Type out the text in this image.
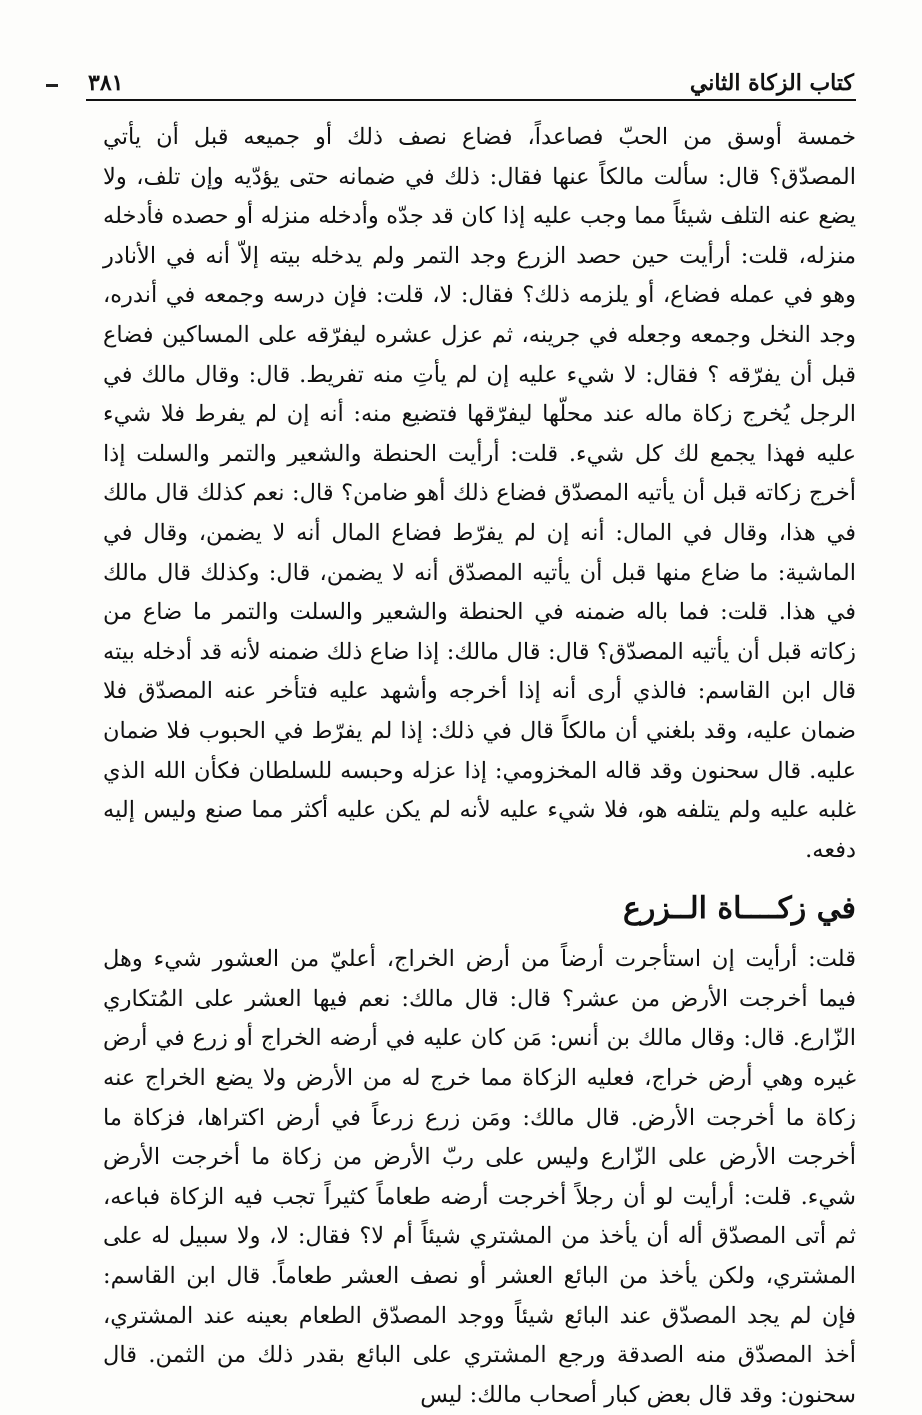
كتاب الزكاة الثاني
٣٨١

خمسة أوسق من الحبّ فصاعداً، فضاع نصف ذلك أو جميعه قبل أن يأتي المصدّق؟ قال: سألت مالكاً عنها فقال: ذلك في ضمانه حتى يؤدّيه وإن تلف، ولا يضع عنه التلف شيئاً مما وجب عليه إذا كان قد جدّه وأدخله منزله أو حصده فأدخله منزله، قلت: أرأيت حين حصد الزرع وجد التمر ولم يدخله بيته إلاّ أنه في الأنادر وهو في عمله فضاع، أو يلزمه ذلك؟ فقال: لا، قلت: فإن درسه وجمعه في أندره، وجد النخل وجمعه وجعله في جرينه، ثم عزل عشره ليفرّقه على المساكين فضاع قبل أن يفرّقه ؟ فقال: لا شيء عليه إن لم يأتِ منه تفريط. قال: وقال مالك في الرجل يُخرج زكاة ماله عند محلّها ليفرّقها فتضيع منه: أنه إن لم يفرط فلا شيء عليه فهذا يجمع لك كل شيء. قلت: أرأيت الحنطة والشعير والتمر والسلت إذا أخرج زكاته قبل أن يأتيه المصدّق فضاع ذلك أهو ضامن؟ قال: نعم كذلك قال مالك في هذا، وقال في المال: أنه إن لم يفرّط فضاع المال أنه لا يضمن، وقال في الماشية: ما ضاع منها قبل أن يأتيه المصدّق أنه لا يضمن، قال: وكذلك قال مالك في هذا. قلت: فما باله ضمنه في الحنطة والشعير والسلت والتمر ما ضاع من زكاته قبل أن يأتيه المصدّق؟ قال: قال مالك: إذا ضاع ذلك ضمنه لأنه قد أدخله بيته قال ابن القاسم: فالذي أرى أنه إذا أخرجه وأشهد عليه فتأخر عنه المصدّق فلا ضمان عليه، وقد بلغني أن مالكاً قال في ذلك: إذا لم يفرّط في الحبوب فلا ضمان عليه. قال سحنون وقد قاله المخزومي: إذا عزله وحبسه للسلطان فكأن الله الذي غلبه عليه ولم يتلفه هو، فلا شيء عليه لأنه لم يكن عليه أكثر مما صنع وليس إليه دفعه.

في زكــــاة الــزرع

قلت: أرأيت إن استأجرت أرضاً من أرض الخراج، أعليّ من العشور شيء وهل فيما أخرجت الأرض من عشر؟ قال: قال مالك: نعم فيها العشر على المُتكاري الزّارع. قال: وقال مالك بن أنس: مَن كان عليه في أرضه الخراج أو زرع في أرض غيره وهي أرض خراج، فعليه الزكاة مما خرج له من الأرض ولا يضع الخراج عنه زكاة ما أخرجت الأرض. قال مالك: ومَن زرع زرعاً في أرض اكتراها، فزكاة ما أخرجت الأرض على الزّارع وليس على ربّ الأرض من زكاة ما أخرجت الأرض شيء. قلت: أرأيت لو أن رجلاً أخرجت أرضه طعاماً كثيراً تجب فيه الزكاة فباعه، ثم أتى المصدّق أله أن يأخذ من المشتري شيئاً أم لا؟ فقال: لا، ولا سبيل له على المشتري، ولكن يأخذ من البائع العشر أو نصف العشر طعاماً. قال ابن القاسم: فإن لم يجد المصدّق عند البائع شيئاً ووجد المصدّق الطعام بعينه عند المشتري، أخذ المصدّق منه الصدقة ورجع المشتري على البائع بقدر ذلك من الثمن. قال سحنون: وقد قال بعض كبار أصحاب مالك: ليس
